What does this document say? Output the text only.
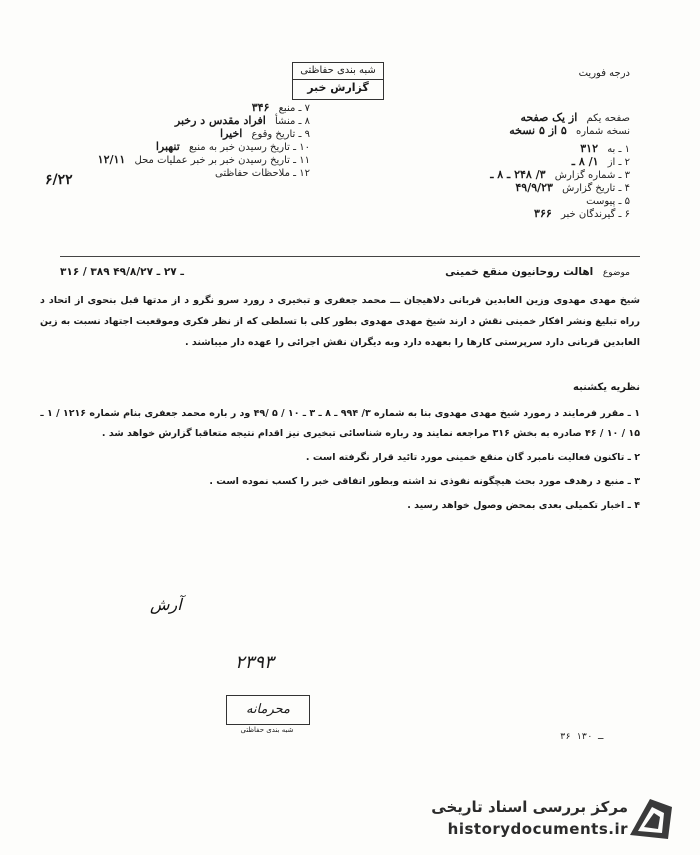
شبه بندی حفاظتی
گزارش خبر
درجه فوریت
صفحه یکم از یک صفحه
نسخه شماره ۵ از ۵ نسخه
۱ ـ به ۳۱۲
۲ ـ از ۱/ ۸ ـ
۳ ـ شماره گزارش ۳/ ۲۴۸ ـ ۸ ـ
۴ ـ تاریخ گزارش ۴۹/۹/۲۳
۵ ـ پیوست
۶ ـ گیرندگان خبر ۳۶۶
۷ ـ منبع ۳۴۶
۸ ـ منشأ افراد مقدس د رخبر
۹ ـ تاریخ وقوع اخیرا
۱۰ ـ تاریخ رسیدن خبر به منبع تنهبرا
۱۱ ـ تاریخ رسیدن خبر بر خبر عملیات محل ۱۲/۱۱
۱۲ ـ ملاحظات حفاظتی
۶/۲۲
موضوع اهالت روحانیون منقع خمینی
۳۱۶ / ۳۸۹ ـ ۲۷ ـ ۴۹/۸/۲۷
شیخ مهدی مهدوی وزین العابدین قربانی دلاهیجان ـــ محمد جعفری و تبخیری د رورد سرو نگرو د از مدتها قبل بنحوی از اتحاد د رراه تبلیغ ونشر افکار خمینی نقش د ارند شیخ مهدی مهدوی بطور کلی با تسلطی که از نظر فکری وموقعیت اجتهاد نسبت به زین العابدین قربانی دارد سرپرستی کارها را بعهده دارد وبه دیگران نقش اجرائی را عهده دار میباشند .
نظریه یکشنبه

۱ ـ مقرر فرمایند د رمورد شیخ مهدی مهدوی بنا به شماره ۳/ ۹۹۴ ـ ۸ ـ ۳ ـ ۱۰ / ۵ /۴۹ ود ر باره محمد جعفری بنام شماره ۱۲۱۶ / ۱ ـ ۱۵ / ۱۰ / ۴۶ صادره به بخش ۳۱۶ مراجعه نمایند ود رباره شناسائی تبخیری نیز اقدام نتیجه متعاقبا گزارش خواهد شد .

۲ ـ تاکنون فعالیت نامبرد گان منقع خمینی مورد تائید قرار نگرفته است .

۳ ـ منبع د رهدف مورد بحث هیچگونه نفوذی ند اشته وبطور اتفاقی خبر را کسب نموده است .

۴ ـ اخبار تکمیلی بعدی بمحض وصول خواهد رسید .

آرش
۲۳۹۳
محرمانه
شبه بندی حفاظتی
۳۶ ـ ۱۳۰
مرکز بررسی اسناد تاریخی
historydocuments.ir
